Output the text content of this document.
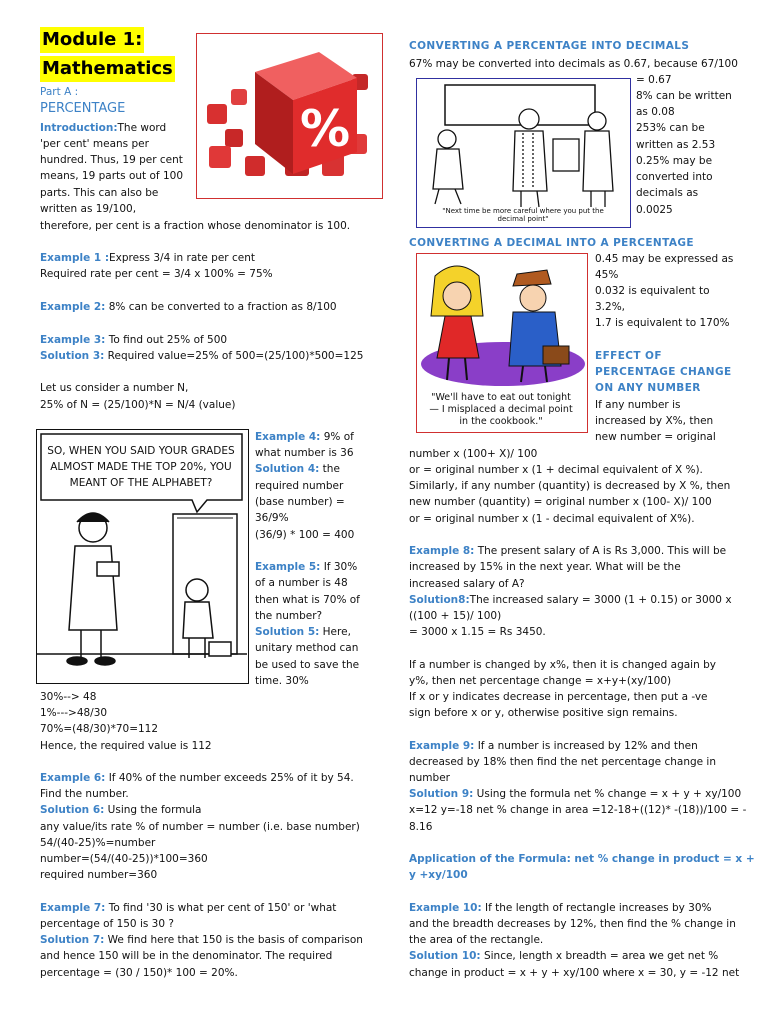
Module 1:
Mathematics
Part A :
PERCENTAGE
Introduction:The word
'per cent' means per
hundred. Thus, 19 per cent
means, 19 parts out of 100
parts. This can also be
written as 19/100,
therefore, per cent is a fraction whose denominator is 100.
%
Example 1 :Express 3/4 in rate per cent
Required rate per cent = 3/4 x 100% = 75%
Example 2: 8% can be converted to a fraction as 8/100
Example 3: To find out 25% of 500
Solution 3: Required value=25% of 500=(25/100)*500=125
Let us consider a number N,
25% of N = (25/100)*N = N/4 (value)
SO, WHEN YOU SAID YOUR GRADES
ALMOST MADE THE TOP 20%, YOU
MEANT OF THE ALPHABET?
Example 4: 9% of
what number is 36
Solution 4: the
required number
(base number) =
36/9%
(36/9) * 100 = 400
Example 5: If 30%
of a number is 48
then what is 70% of
the number?
Solution 5: Here,
unitary method can
be used to save the
time. 30%
30%--> 48
1%--->48/30
70%=(48/30)*70=112
Hence, the required value is 112
Example 6: If 40% of the number exceeds 25% of it by 54.
Find the number.
Solution 6: Using the formula
any value/its rate % of number = number (i.e. base number)
54/(40-25)%=number
number=(54/(40-25))*100=360
required number=360
Example 7: To find '30 is what per cent of 150' or 'what
percentage of 150 is 30 ?
Solution 7: We find here that 150 is the basis of comparison
and hence 150 will be in the denominator. The required
percentage = (30 / 150)* 100 = 20%.
CONVERTING A PERCENTAGE INTO DECIMALS
67% may be converted into decimals as 0.67, because 67/100
"Next time be more careful where you put the
decimal point"
= 0.67
8% can be written
as 0.08
253% can be
written as 2.53
0.25% may be
converted into
decimals as
0.0025
CONVERTING A DECIMAL INTO A PERCENTAGE
"We'll have to eat out tonight
— I misplaced a decimal point
in the cookbook."
0.45 may be expressed as
45%
0.032 is equivalent to
3.2%,
1.7 is equivalent to 170%
EFFECT OF
PERCENTAGE CHANGE
ON ANY NUMBER
If any number is
increased by X%, then
new number = original
number x (100+ X)/ 100
or = original number x (1 + decimal equivalent of X %).
Similarly, if any number (quantity) is decreased by X %, then
new number (quantity) = original number x (100- X)/ 100
or = original number x (1 - decimal equivalent of X%).
Example 8: The present salary of A is Rs 3,000. This will be
increased by 15% in the next year. What will be the
increased salary of A?
Solution8:The increased salary = 3000 (1 + 0.15) or 3000 x
((100 + 15)/ 100)
= 3000 x 1.15 = Rs 3450.
If a number is changed by x%, then it is changed again by
y%, then net percentage change = x+y+(xy/100)
If x or y indicates decrease in percentage, then put a -ve
sign before x or y, otherwise positive sign remains.
Example 9: If a number is increased by 12% and then
decreased by 18% then find the net percentage change in
number
Solution 9: Using the formula net % change = x + y + xy/100
x=12 y=-18 net % change in area =12-18+((12)* -(18))/100 = -
8.16
Application of the Formula: net % change in product = x +
y +xy/100
Example 10: If the length of rectangle increases by 30%
and the breadth decreases by 12%, then find the % change in
the area of the rectangle.
Solution 10: Since, length x breadth = area we get net %
change in product = x + y + xy/100 where x = 30, y = -12 net
